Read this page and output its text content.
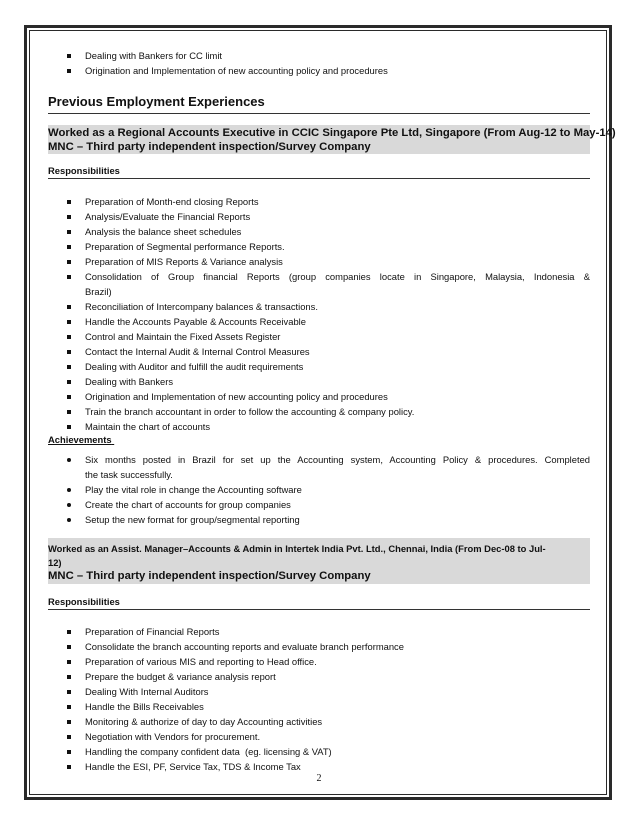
Dealing with Bankers for CC limit
Origination and Implementation of new accounting policy and procedures
Previous Employment Experiences
Worked as a Regional Accounts Executive in CCIC Singapore Pte Ltd, Singapore (From Aug-12 to May-14)
MNC – Third party independent inspection/Survey Company
Responsibilities
Preparation of Month-end closing Reports
Analysis/Evaluate the Financial Reports
Analysis the balance sheet schedules
Preparation of Segmental performance Reports.
Preparation of MIS Reports & Variance analysis
Consolidation of Group financial Reports (group companies locate in Singapore, Malaysia, Indonesia &
Brazil)
Reconciliation of Intercompany balances & transactions.
Handle the Accounts Payable & Accounts Receivable
Control and Maintain the Fixed Assets Register
Contact the Internal Audit & Internal Control Measures
Dealing with Auditor and fulfill the audit requirements
Dealing with Bankers
Origination and Implementation of new accounting policy and procedures
Train the branch accountant in order to follow the accounting & company policy.
Maintain the chart of accounts
Achievements
Six months posted in Brazil for set up the Accounting system, Accounting Policy & procedures. Completed
the task successfully.
Play the vital role in change the Accounting software
Create the chart of accounts for group companies
Setup the new format for group/segmental reporting
Worked as an Assist. Manager–Accounts & Admin in Intertek India Pvt. Ltd., Chennai, India (From Dec-08 to Jul-
12)
MNC – Third party independent inspection/Survey Company
Responsibilities
Preparation of Financial Reports
Consolidate the branch accounting reports and evaluate branch performance
Preparation of various MIS and reporting to Head office.
Prepare the budget & variance analysis report
Dealing With Internal Auditors
Handle the Bills Receivables
Monitoring & authorize of day to day Accounting activities
Negotiation with Vendors for procurement.
Handling the company confident data  (eg. licensing & VAT)
Handle the ESI, PF, Service Tax, TDS & Income Tax
2
